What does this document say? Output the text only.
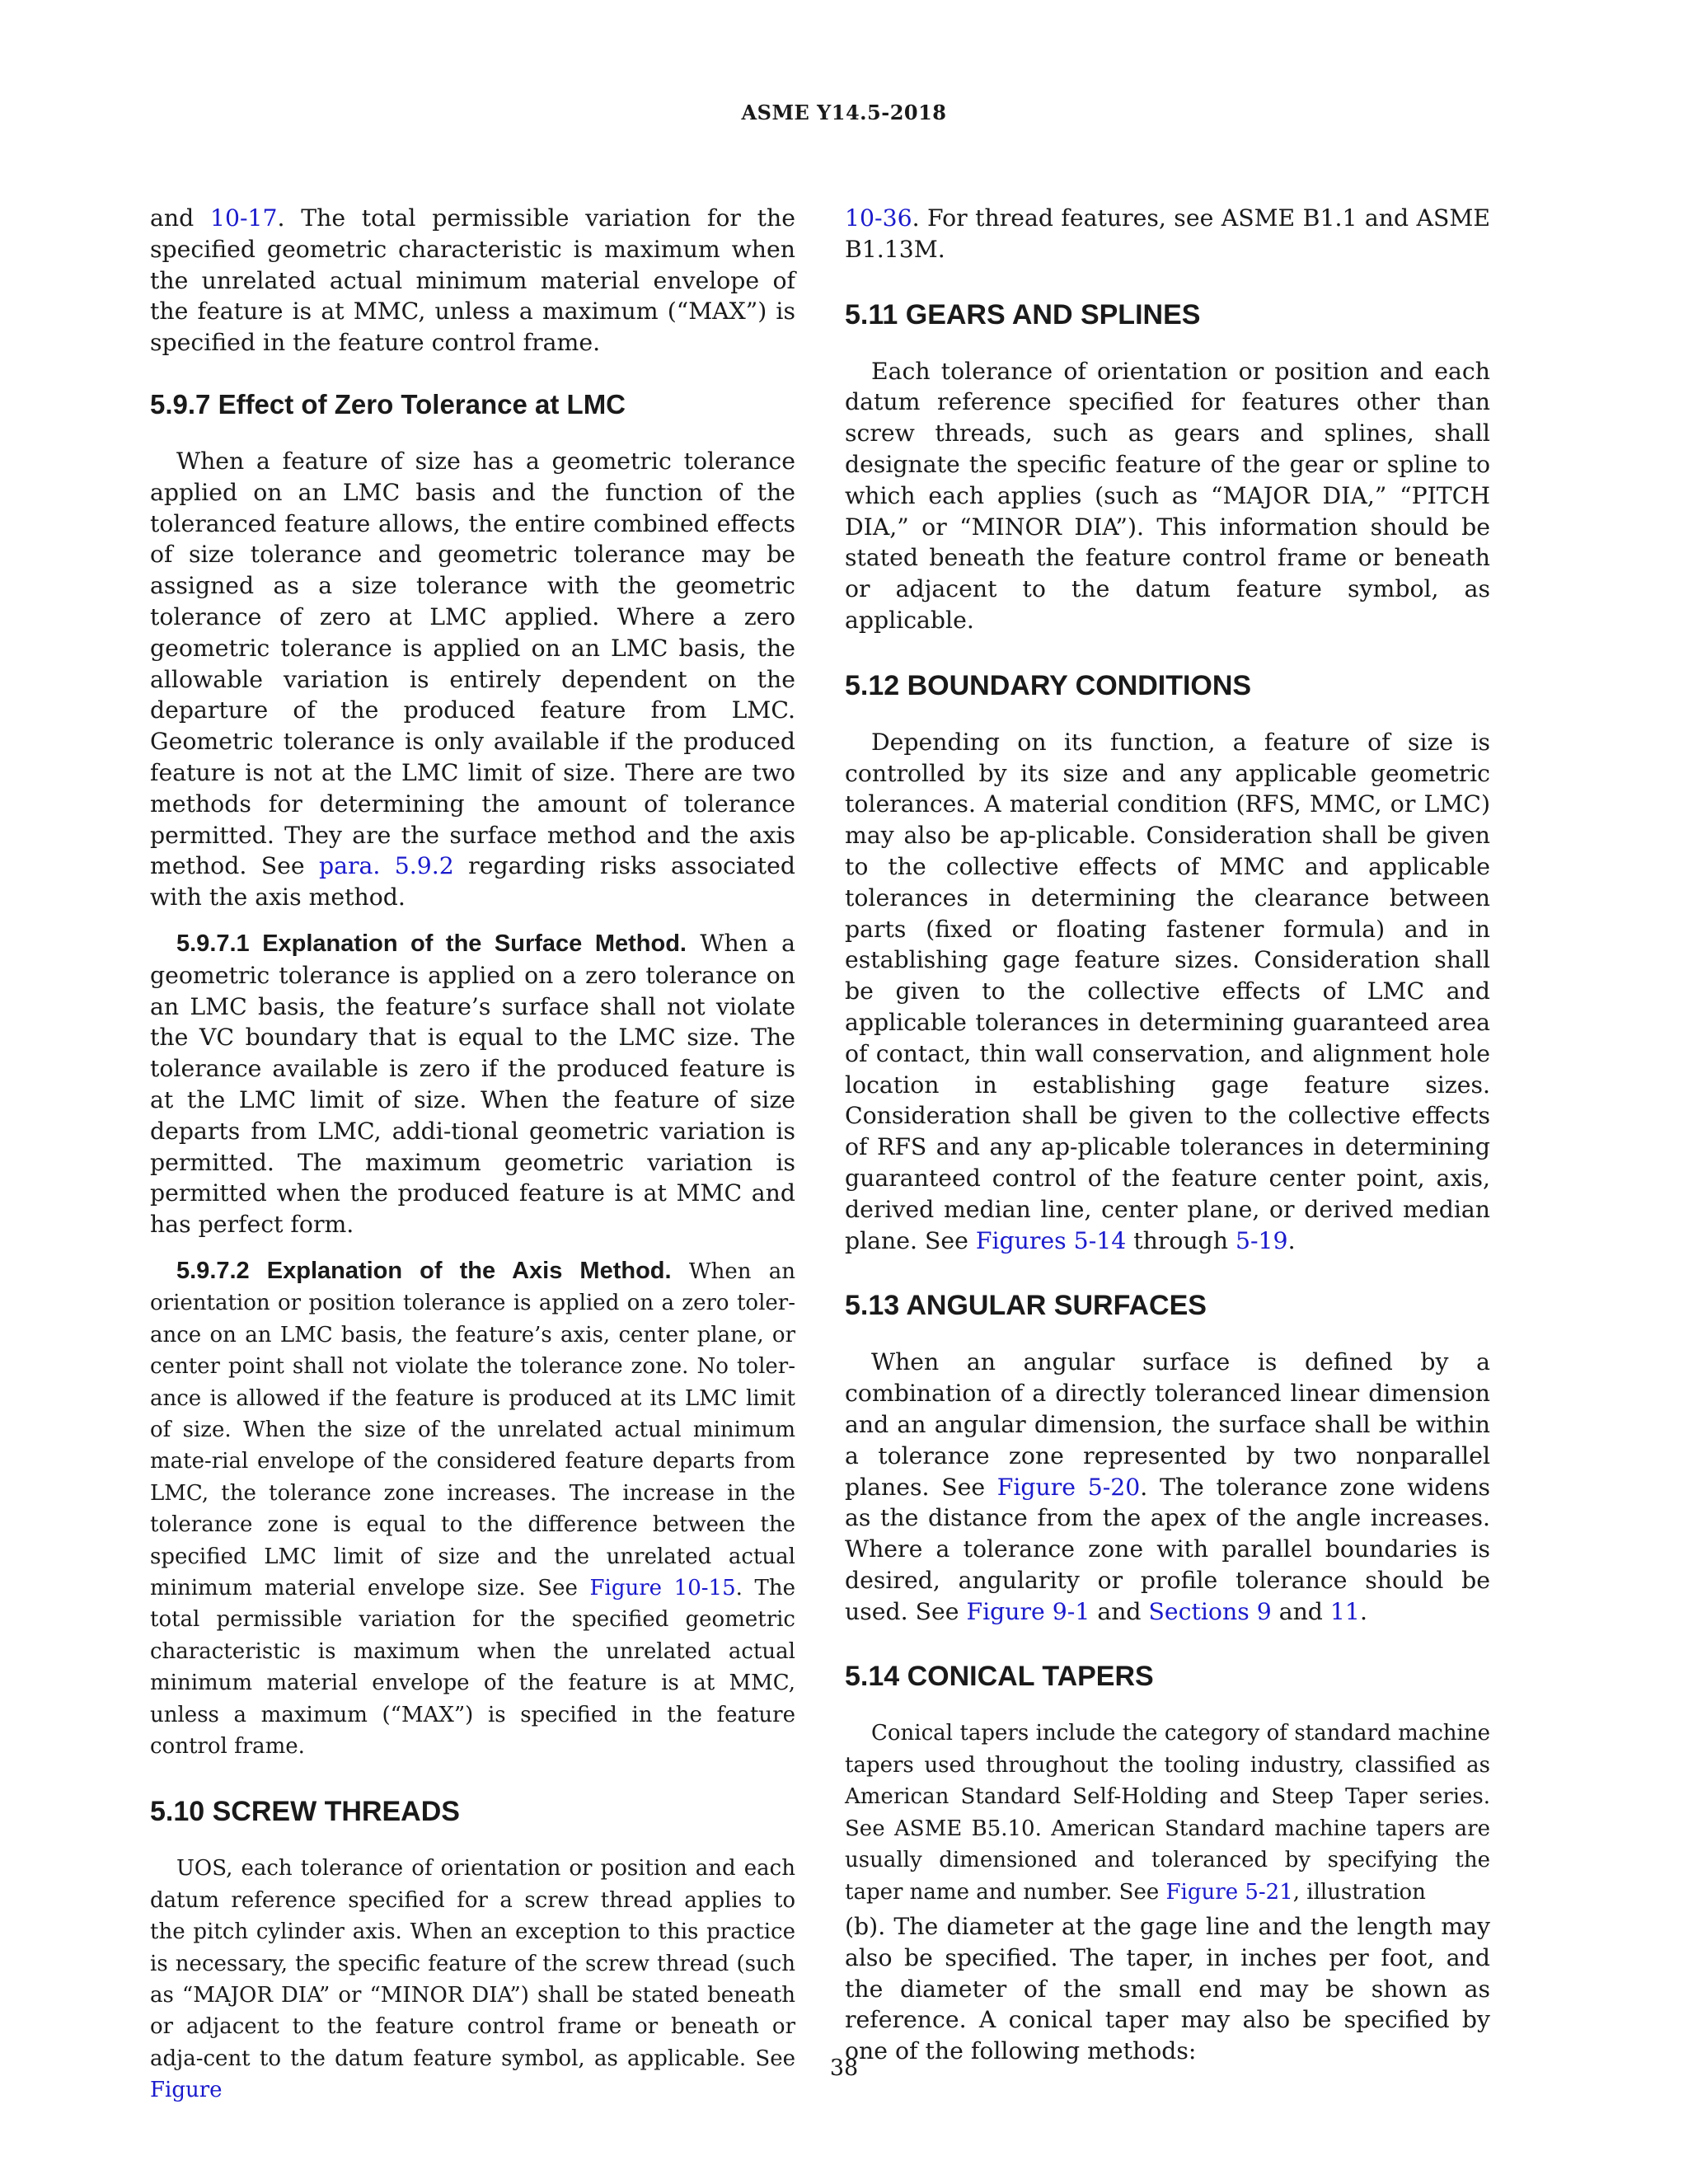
ASME Y14.5-2018

and 10-17. The total permissible variation for the specified geometric characteristic is maximum when the unrelated actual minimum material envelope of the feature is at MMC, unless a maximum (“MAX”) is specified in the feature control frame.

5.9.7 Effect of Zero Tolerance at LMC

When a feature of size has a geometric tolerance applied on an LMC basis and the function of the toleranced feature allows, the entire combined effects of size tolerance and geometric tolerance may be assigned as a size tolerance with the geometric tolerance of zero at LMC applied. Where a zero geometric tolerance is applied on an LMC basis, the allowable variation is entirely dependent on the departure of the produced feature from LMC. Geometric tolerance is only available if the produced feature is not at the LMC limit of size. There are two methods for determining the amount of tolerance permitted. They are the surface method and the axis method. See para. 5.9.2 regarding risks associated with the axis method.

5.9.7.1 Explanation of the Surface Method. When a geometric tolerance is applied on a zero tolerance on an LMC basis, the feature’s surface shall not violate the VC boundary that is equal to the LMC size. The tolerance available is zero if the produced feature is at the LMC limit of size. When the feature of size departs from LMC, addi-tional geometric variation is permitted. The maximum geometric variation is permitted when the produced feature is at MMC and has perfect form.

5.9.7.2 Explanation of the Axis Method. When an orientation or position tolerance is applied on a zero toler-ance on an LMC basis, the feature’s axis, center plane, or center point shall not violate the tolerance zone. No toler-ance is allowed if the feature is produced at its LMC limit of size. When the size of the unrelated actual minimum mate-rial envelope of the considered feature departs from LMC, the tolerance zone increases. The increase in the tolerance zone is equal to the difference between the specified LMC limit of size and the unrelated actual minimum material envelope size. See Figure 10-15. The total permissible variation for the specified geometric characteristic is maximum when the unrelated actual minimum material envelope of the feature is at MMC, unless a maximum (“MAX”) is specified in the feature control frame.

5.10 SCREW THREADS

UOS, each tolerance of orientation or position and each datum reference specified for a screw thread applies to the pitch cylinder axis. When an exception to this practice is necessary, the specific feature of the screw thread (such as “MAJOR DIA” or “MINOR DIA”) shall be stated beneath or adjacent to the feature control frame or beneath or adja-cent to the datum feature symbol, as applicable. See Figure

10-36. For thread features, see ASME B1.1 and ASME B1.13M.

5.11 GEARS AND SPLINES

Each tolerance of orientation or position and each datum reference specified for features other than screw threads, such as gears and splines, shall designate the specific feature of the gear or spline to which each applies (such as “MAJOR DIA,” “PITCH DIA,” or “MINOR DIA”). This information should be stated beneath the feature control frame or beneath or adjacent to the datum feature symbol, as applicable.

5.12 BOUNDARY CONDITIONS

Depending on its function, a feature of size is controlled by its size and any applicable geometric tolerances. A material condition (RFS, MMC, or LMC) may also be ap-plicable. Consideration shall be given to the collective effects of MMC and applicable tolerances in determining the clearance between parts (fixed or floating fastener formula) and in establishing gage feature sizes. Consideration shall be given to the collective effects of LMC and applicable tolerances in determining guaranteed area of contact, thin wall conservation, and alignment hole location in establishing gage feature sizes. Consideration shall be given to the collective effects of RFS and any ap-plicable tolerances in determining guaranteed control of the feature center point, axis, derived median line, center plane, or derived median plane. See Figures 5-14 through 5-19.

5.13 ANGULAR SURFACES

When an angular surface is defined by a combination of a directly toleranced linear dimension and an angular dimension, the surface shall be within a tolerance zone represented by two nonparallel planes. See Figure 5-20. The tolerance zone widens as the distance from the apex of the angle increases. Where a tolerance zone with parallel boundaries is desired, angularity or profile tolerance should be used. See Figure 9-1 and Sections 9 and 11.

5.14 CONICAL TAPERS

Conical tapers include the category of standard machine tapers used throughout the tooling industry, classified as American Standard Self-Holding and Steep Taper series. See ASME B5.10. American Standard machine tapers are usually dimensioned and toleranced by specifying the taper name and number. See Figure 5-21, illustration

(b). The diameter at the gage line and the length may also be specified. The taper, in inches per foot, and the diameter of the small end may be shown as reference. A conical taper may also be specified by one of the following methods:

38
